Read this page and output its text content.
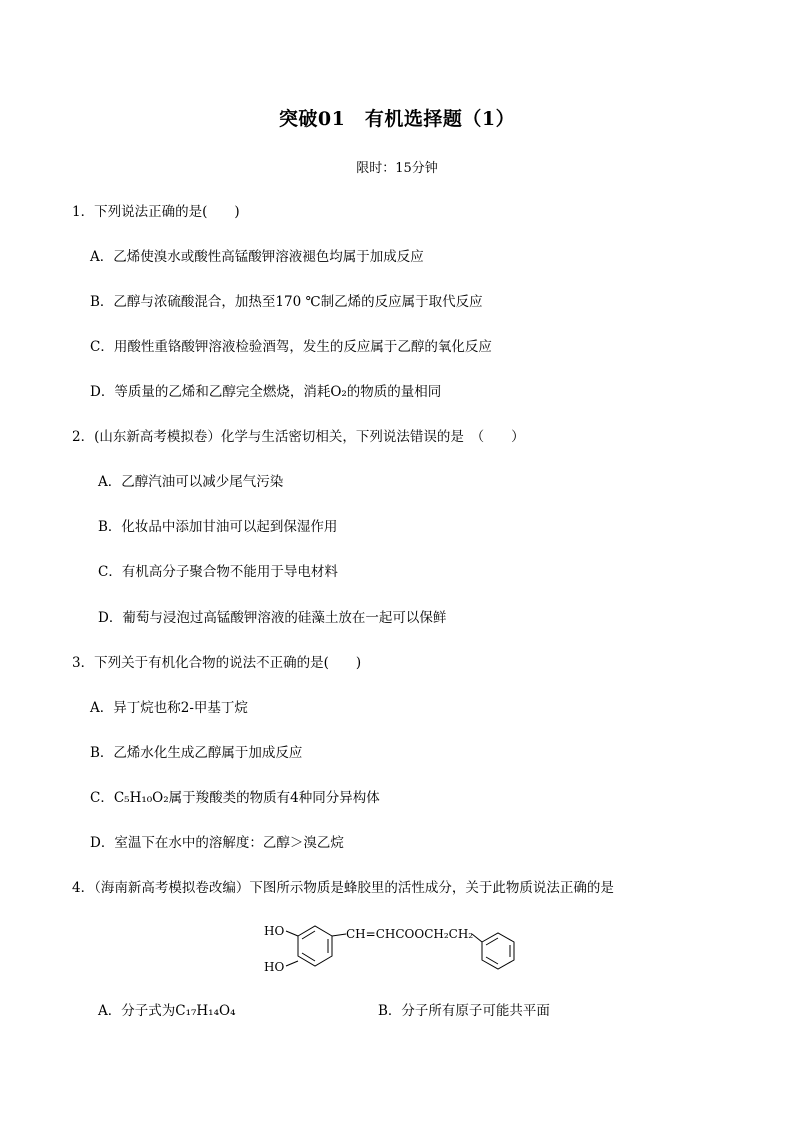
突破01　有机选择题（1）
限时：15分钟
1．下列说法正确的是(　　)
A．乙烯使溴水或酸性高锰酸钾溶液褪色均属于加成反应
B．乙醇与浓硫酸混合，加热至170 ℃制乙烯的反应属于取代反应
C．用酸性重铬酸钾溶液检验酒驾，发生的反应属于乙醇的氧化反应
D．等质量的乙烯和乙醇完全燃烧，消耗O₂的物质的量相同
2．(山东新高考模拟卷）化学与生活密切相关，下列说法错误的是　（　　）
A．乙醇汽油可以减少尾气污染
B．化妆品中添加甘油可以起到保湿作用
C．有机高分子聚合物不能用于导电材料
D．葡萄与浸泡过高锰酸钾溶液的硅藻土放在一起可以保鲜
3．下列关于有机化合物的说法不正确的是(　　)
A．异丁烷也称2-甲基丁烷
B．乙烯水化生成乙醇属于加成反应
C．C₅H₁₀O₂属于羧酸类的物质有4种同分异构体
D．室温下在水中的溶解度：乙醇＞溴乙烷
4．（海南新高考模拟卷改编）下图所示物质是蜂胶里的活性成分，关于此物质说法正确的是
HO
HO
CH=CHCOOCH₂CH₂
A．分子式为C₁₇H₁₄O₄	B．分子所有原子可能共平面
